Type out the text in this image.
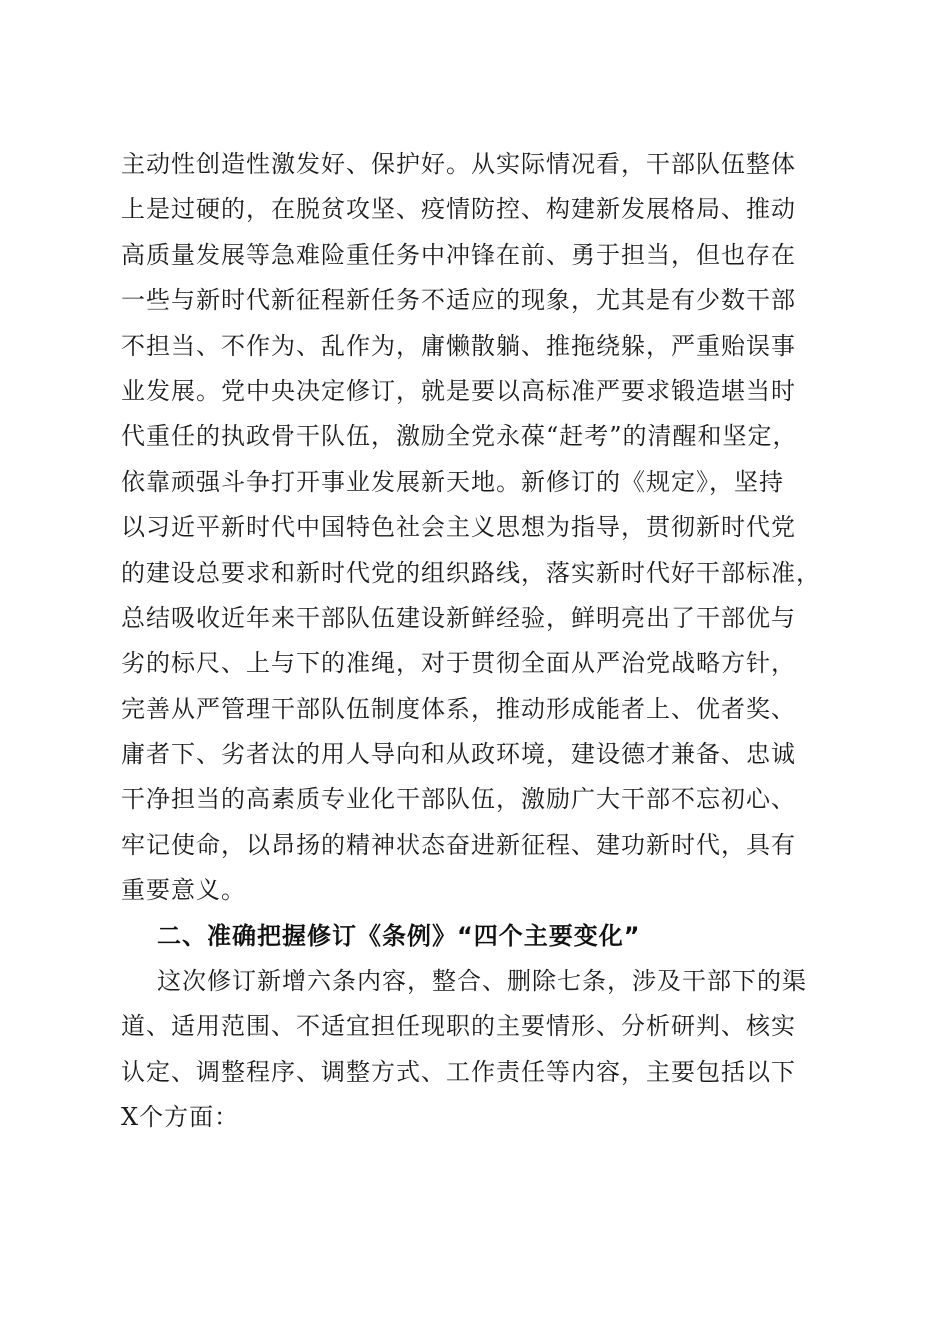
主动性创造性激发好、保护好。从实际情况看，干部队伍整体
上是过硬的，在脱贫攻坚、疫情防控、构建新发展格局、推动
高质量发展等急难险重任务中冲锋在前、勇于担当，但也存在
一些与新时代新征程新任务不适应的现象，尤其是有少数干部
不担当、不作为、乱作为，庸懒散躺、推拖绕躲，严重贻误事
业发展。党中央决定修订，就是要以高标准严要求锻造堪当时
代重任的执政骨干队伍，激励全党永葆“赶考”的清醒和坚定，
依靠顽强斗争打开事业发展新天地。新修订的《规定》，坚持
以习近平新时代中国特色社会主义思想为指导，贯彻新时代党
的建设总要求和新时代党的组织路线，落实新时代好干部标准，
总结吸收近年来干部队伍建设新鲜经验，鲜明亮出了干部优与
劣的标尺、上与下的准绳，对于贯彻全面从严治党战略方针，
完善从严管理干部队伍制度体系，推动形成能者上、优者奖、
庸者下、劣者汰的用人导向和从政环境，建设德才兼备、忠诚
干净担当的高素质专业化干部队伍，激励广大干部不忘初心、
牢记使命，以昂扬的精神状态奋进新征程、建功新时代，具有
重要意义。
二、准确把握修订《条例》“四个主要变化”
这次修订新增六条内容，整合、删除七条，涉及干部下的渠
道、适用范围、不适宜担任现职的主要情形、分析研判、核实
认定、调整程序、调整方式、工作责任等内容，主要包括以下
X个方面：
